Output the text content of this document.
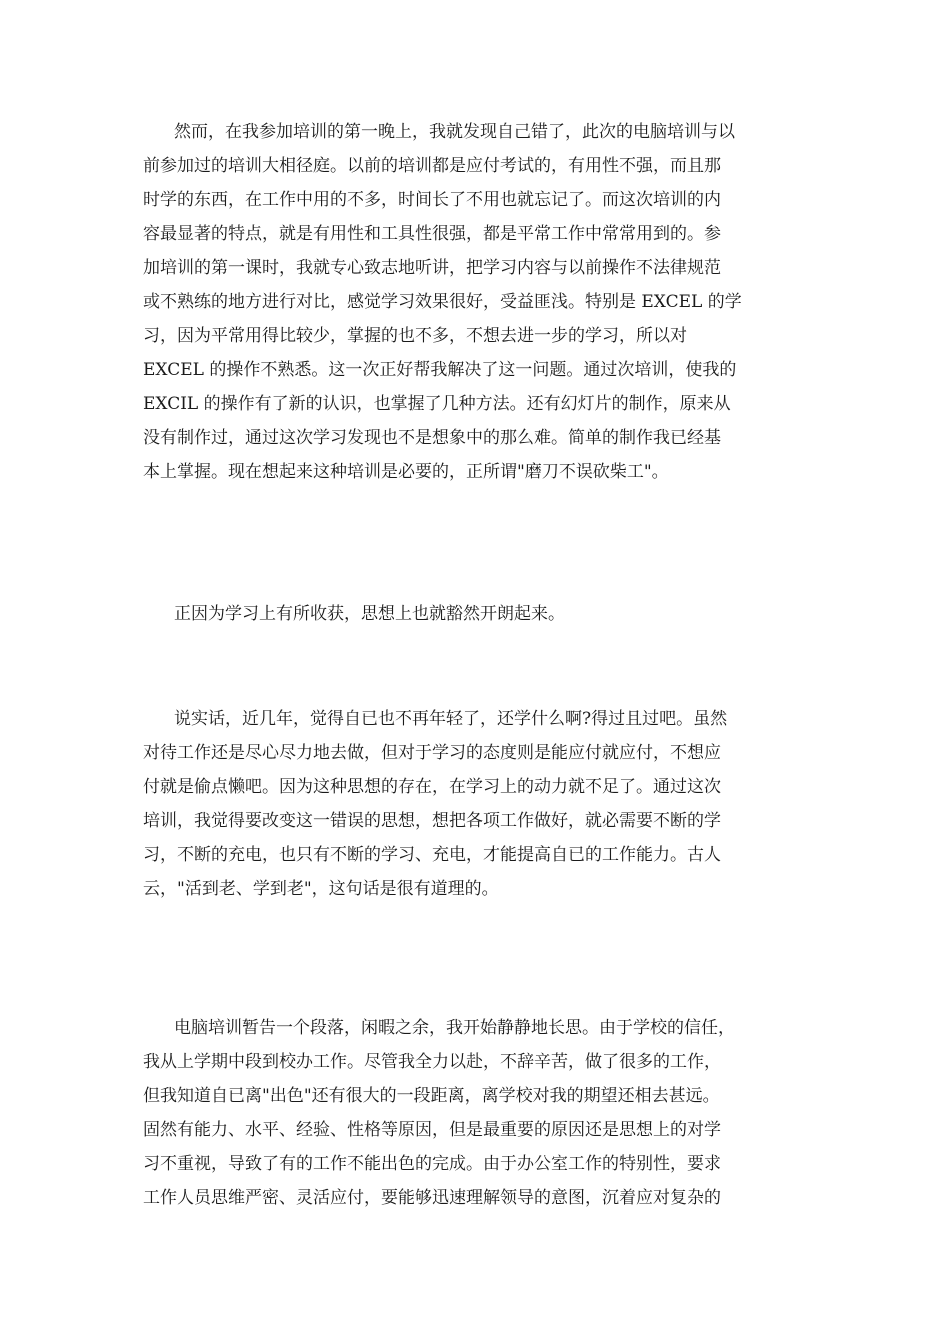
然而，在我参加培训的第一晚上，我就发现自己错了，此次的电脑培训与以
前参加过的培训大相径庭。以前的培训都是应付考试的，有用性不强，而且那
时学的东西，在工作中用的不多，时间长了不用也就忘记了。而这次培训的内
容最显著的特点，就是有用性和工具性很强，都是平常工作中常常用到的。参
加培训的第一课时，我就专心致志地听讲，把学习内容与以前操作不法律规范
或不熟练的地方进行对比，感觉学习效果很好，受益匪浅。特别是 EXCEL 的学
习，因为平常用得比较少，掌握的也不多，不想去进一步的学习，所以对
EXCEL 的操作不熟悉。这一次正好帮我解决了这一问题。通过次培训，使我的
EXCIL 的操作有了新的认识，也掌握了几种方法。还有幻灯片的制作，原来从
没有制作过，通过这次学习发现也不是想象中的那么难。简单的制作我已经基
本上掌握。现在想起来这种培训是必要的，正所谓"磨刀不误砍柴工"。
正因为学习上有所收获，思想上也就豁然开朗起来。
说实话，近几年，觉得自已也不再年轻了，还学什么啊?得过且过吧。虽然
对待工作还是尽心尽力地去做，但对于学习的态度则是能应付就应付，不想应
付就是偷点懒吧。因为这种思想的存在，在学习上的动力就不足了。通过这次
培训，我觉得要改变这一错误的思想，想把各项工作做好，就必需要不断的学
习，不断的充电，也只有不断的学习、充电，才能提高自已的工作能力。古人
云，"活到老、学到老"，这句话是很有道理的。
电脑培训暂告一个段落，闲暇之余，我开始静静地长思。由于学校的信任，
我从上学期中段到校办工作。尽管我全力以赴，不辞辛苦，做了很多的工作，
但我知道自已离"出色"还有很大的一段距离，离学校对我的期望还相去甚远。
固然有能力、水平、经验、性格等原因，但是最重要的原因还是思想上的对学
习不重视，导致了有的工作不能出色的完成。由于办公室工作的特别性，要求
工作人员思维严密、灵活应付，要能够迅速理解领导的意图，沉着应对复杂的
